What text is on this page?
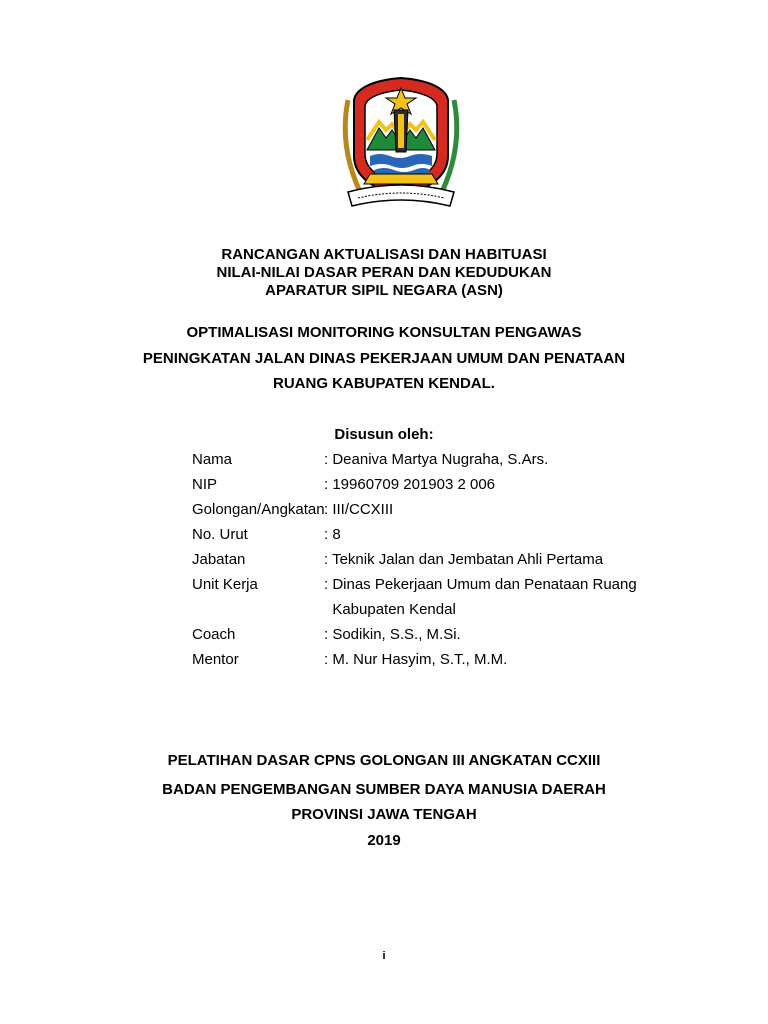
RANCANGAN AKTUALISASI DAN HABITUASI
NILAI-NILAI DASAR PERAN DAN KEDUDUKAN
APARATUR SIPIL NEGARA (ASN)
OPTIMALISASI MONITORING KONSULTAN PENGAWAS
PENINGKATAN JALAN DINAS PEKERJAAN UMUM DAN PENATAAN
RUANG KABUPATEN KENDAL.
Disusun oleh:
Nama	: Deaniva Martya Nugraha, S.Ars.
NIP	: 19960709 201903 2 006
Golongan/Angkatan : III/CCXIII
No. Urut	: 8
Jabatan	: Teknik Jalan dan Jembatan Ahli Pertama
Unit Kerja	: Dinas Pekerjaan Umum dan Penataan Ruang
Kabupaten Kendal
Coach	: Sodikin, S.S., M.Si.
Mentor	: M. Nur Hasyim, S.T., M.M.
PELATIHAN DASAR CPNS GOLONGAN III ANGKATAN CCXIII
BADAN PENGEMBANGAN SUMBER DAYA MANUSIA DAERAH
PROVINSI JAWA TENGAH
2019
i
